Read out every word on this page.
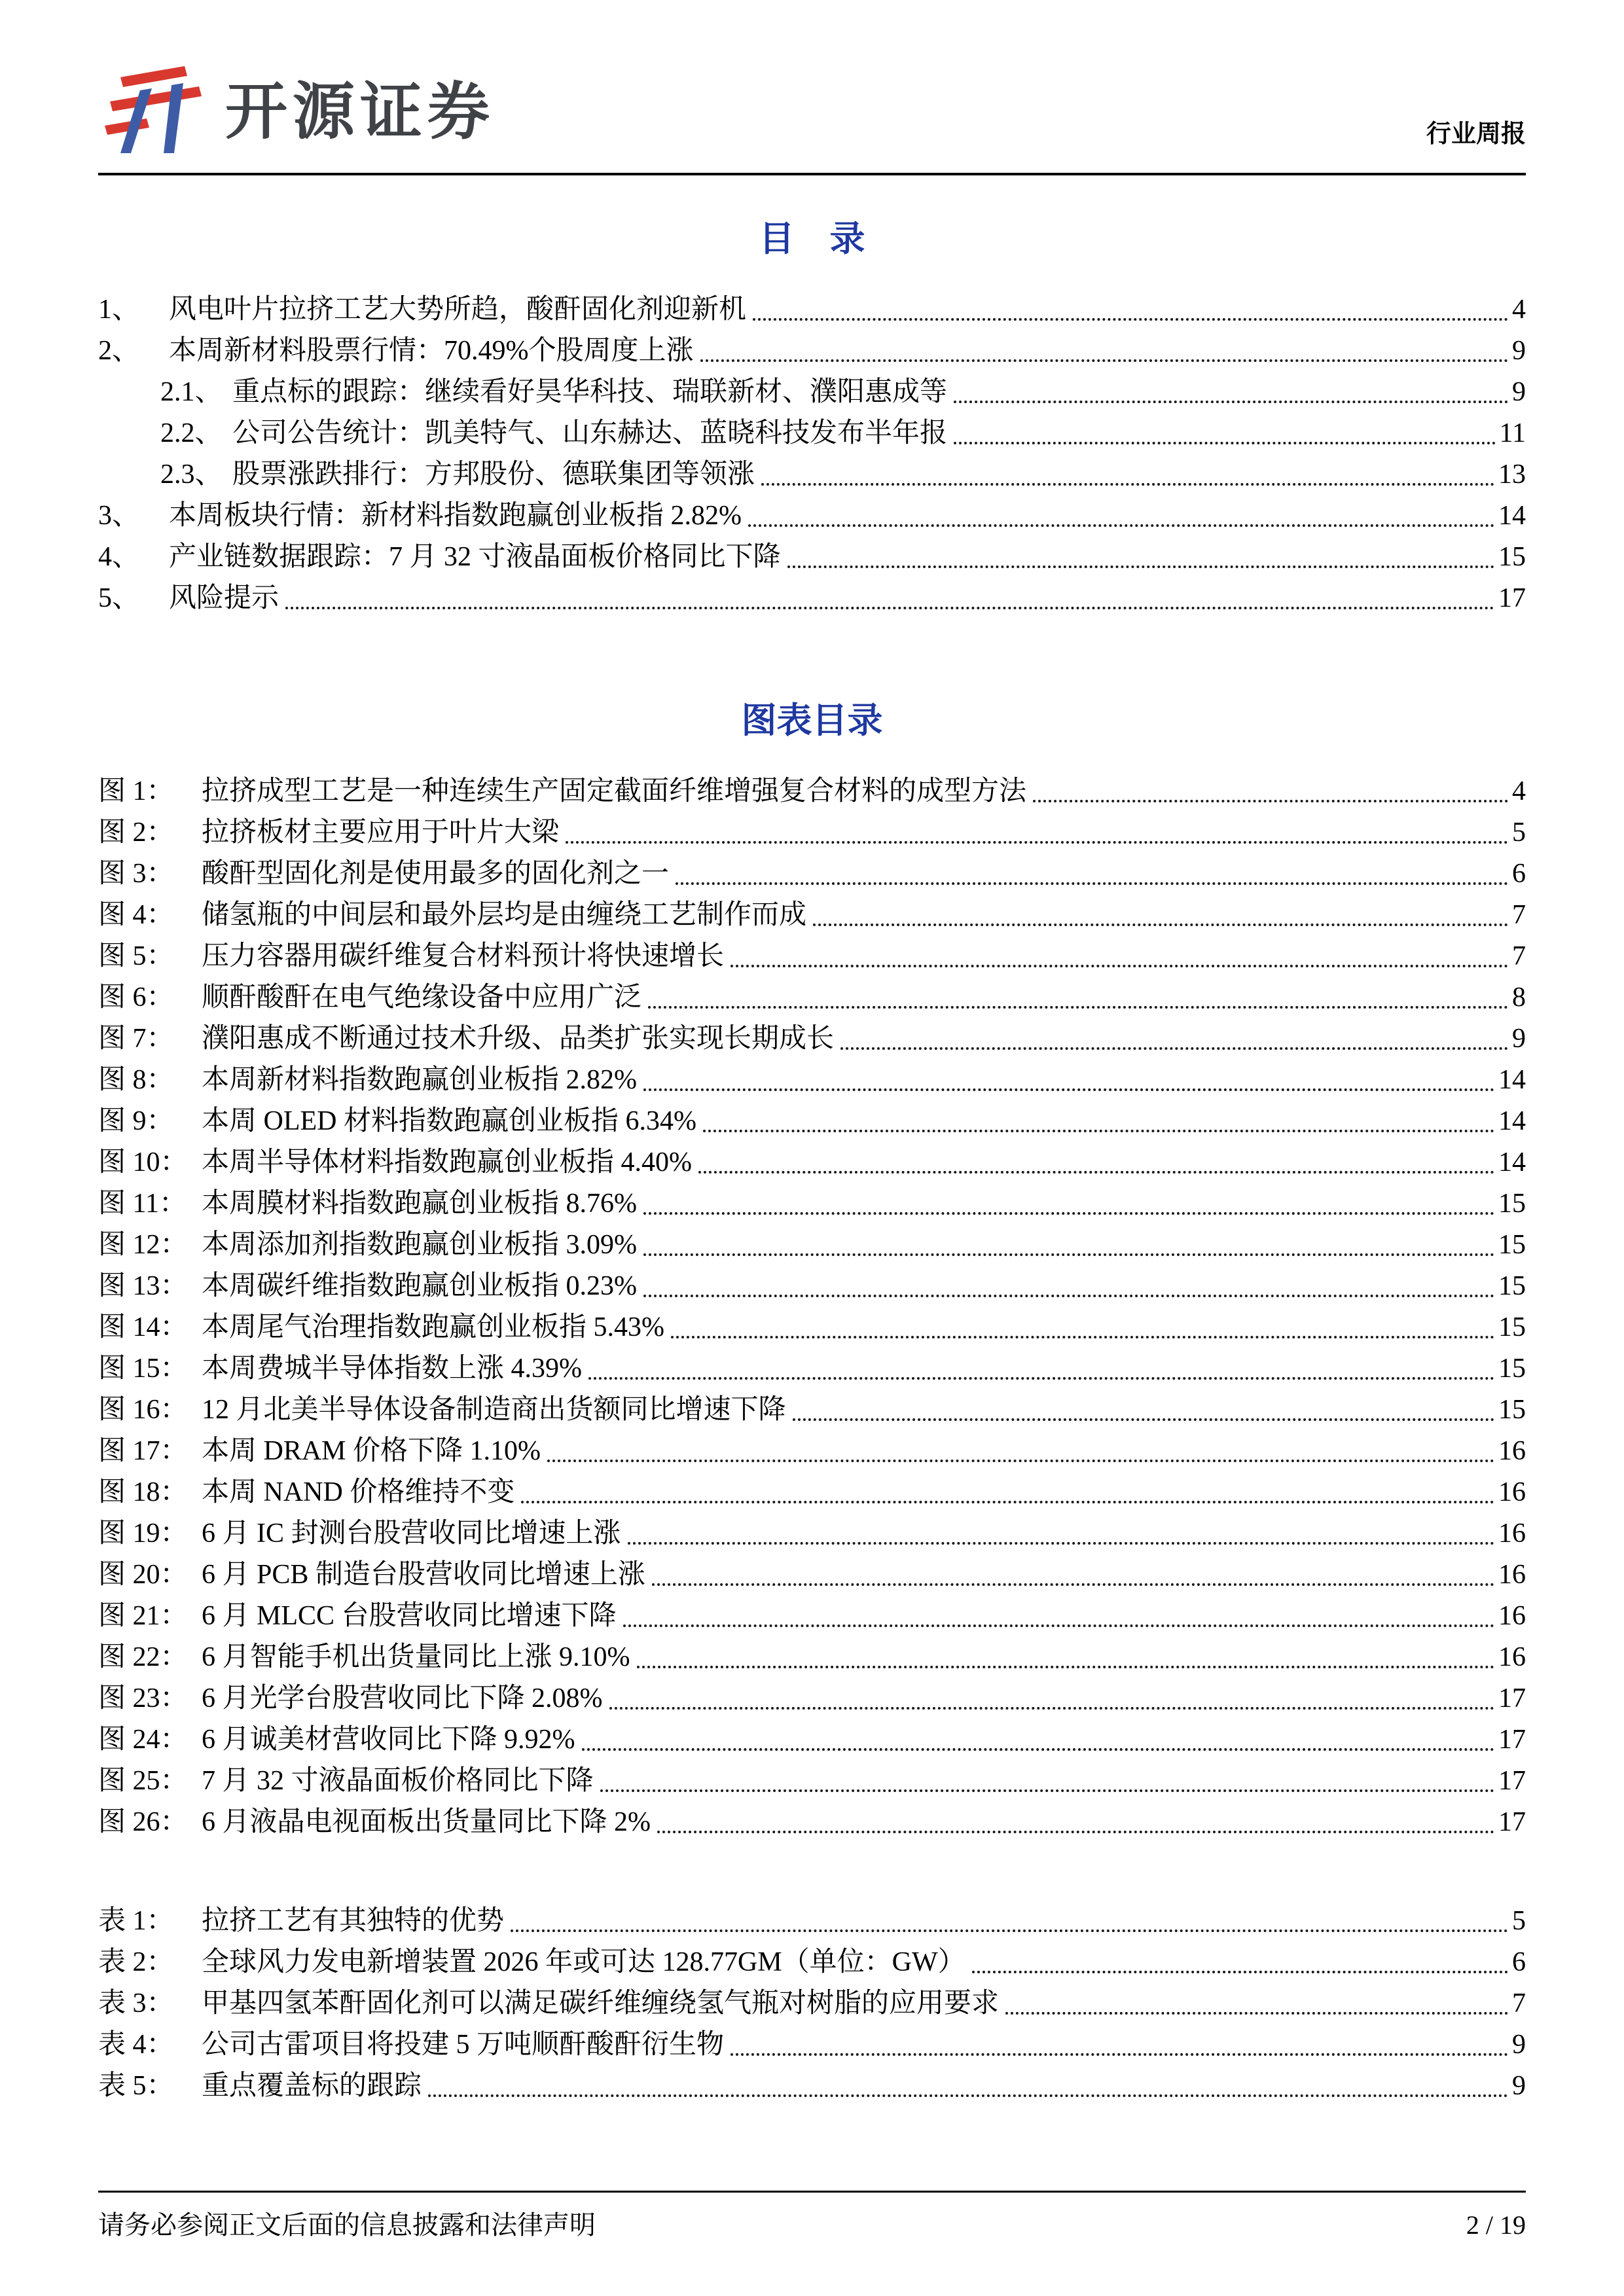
开源证券	行业周报
目　录
1、	风电叶片拉挤工艺大势所趋，酸酐固化剂迎新机	4
2、	本周新材料股票行情：70.49%个股周度上涨	9
2.1、 重点标的跟踪：继续看好昊华科技、瑞联新材、濮阳惠成等	9
2.2、 公司公告统计：凯美特气、山东赫达、蓝晓科技发布半年报	11
2.3、 股票涨跌排行：方邦股份、德联集团等领涨	13
3、	本周板块行情：新材料指数跑赢创业板指 2.82%	14
4、	产业链数据跟踪：7 月 32 寸液晶面板价格同比下降	15
5、	风险提示	17
图表目录
图 1：	拉挤成型工艺是一种连续生产固定截面纤维增强复合材料的成型方法	4
图 2：	拉挤板材主要应用于叶片大梁	5
图 3：	酸酐型固化剂是使用最多的固化剂之一	6
图 4：	储氢瓶的中间层和最外层均是由缠绕工艺制作而成	7
图 5：	压力容器用碳纤维复合材料预计将快速增长	7
图 6：	顺酐酸酐在电气绝缘设备中应用广泛	8
图 7：	濮阳惠成不断通过技术升级、品类扩张实现长期成长	9
图 8：	本周新材料指数跑赢创业板指 2.82%	14
图 9：	本周 OLED 材料指数跑赢创业板指 6.34%	14
图 10： 本周半导体材料指数跑赢创业板指 4.40%	14
图 11： 本周膜材料指数跑赢创业板指 8.76%	15
图 12： 本周添加剂指数跑赢创业板指 3.09%	15
图 13： 本周碳纤维指数跑赢创业板指 0.23%	15
图 14： 本周尾气治理指数跑赢创业板指 5.43%	15
图 15： 本周费城半导体指数上涨 4.39%	15
图 16： 12 月北美半导体设备制造商出货额同比增速下降	15
图 17： 本周 DRAM 价格下降 1.10%	16
图 18： 本周 NAND 价格维持不变	16
图 19： 6 月 IC 封测台股营收同比增速上涨	16
图 20： 6 月 PCB 制造台股营收同比增速上涨	16
图 21： 6 月 MLCC 台股营收同比增速下降	16
图 22： 6 月智能手机出货量同比上涨 9.10%	16
图 23： 6 月光学台股营收同比下降 2.08%	17
图 24： 6 月诚美材营收同比下降 9.92%	17
图 25： 7 月 32 寸液晶面板价格同比下降	17
图 26： 6 月液晶电视面板出货量同比下降 2%	17
表 1：	拉挤工艺有其独特的优势	5
表 2：	全球风力发电新增装置 2026 年或可达 128.77GM（单位：GW）	6
表 3：	甲基四氢苯酐固化剂可以满足碳纤维缠绕氢气瓶对树脂的应用要求	7
表 4：	公司古雷项目将投建 5 万吨顺酐酸酐衍生物	9
表 5：	重点覆盖标的跟踪	9
请务必参阅正文后面的信息披露和法律声明	2 / 19
